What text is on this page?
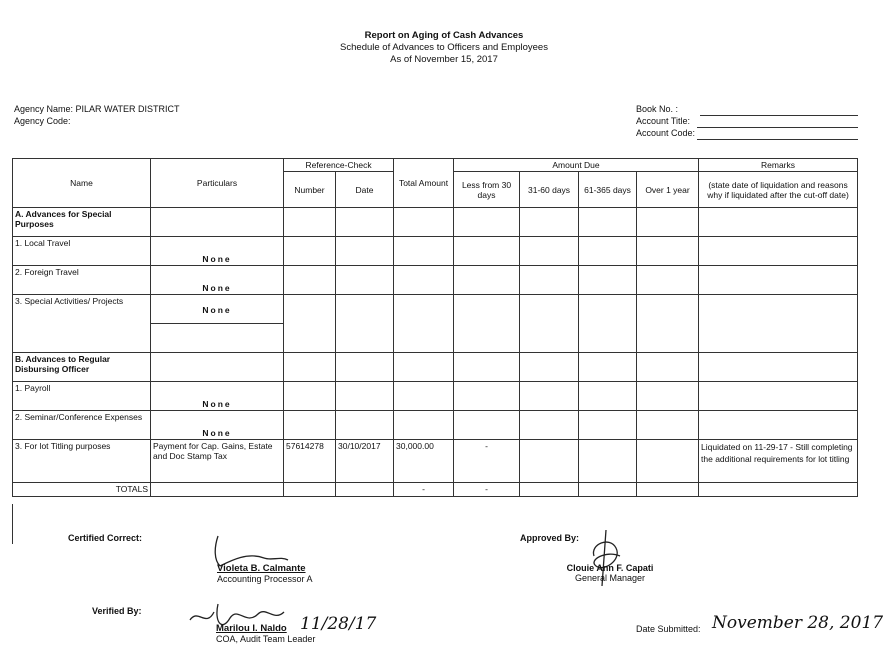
Report on Aging of Cash Advances
Schedule of Advances to Officers and Employees
As of November 15, 2017
Agency Name: PILAR WATER DISTRICT
Agency Code:
Book No. :
Account Title:
Account Code:
Name	Particulars	Reference-Check		Total Amount	Amount Due				Remarks
		Number	Date		Less from 30 days	31-60 days	61-365 days	Over 1 year	(state date of liquidation and reasons why if liquidated after the cut-off date)
A. Advances for Special Purposes									
1. Local Travel	None								

2. Foreign Travel	None								

3. Special Activities/ Projects	None								

B. Advances to Regular Disbursing Officer									
1. Payroll	None								

2. Seminar/Conference Expenses	None								

3. For lot Titling purposes	Payment for Cap. Gains, Estate and Doc Stamp Tax	57614278	30/10/2017	30,000.00	-				Liquidated on 11-29-17 - Still completing
the additional requirements for lot titling

TOTALS				-	-				
Certified Correct:
Violeta B. Calmante
Accounting Processor A
Approved By:
Clouie Ann F. Capati
General Manager
Verified By:
Marilou I. Naldo
COA, Audit Team Leader
11/28/17	Date Submitted: November 28, 2017
